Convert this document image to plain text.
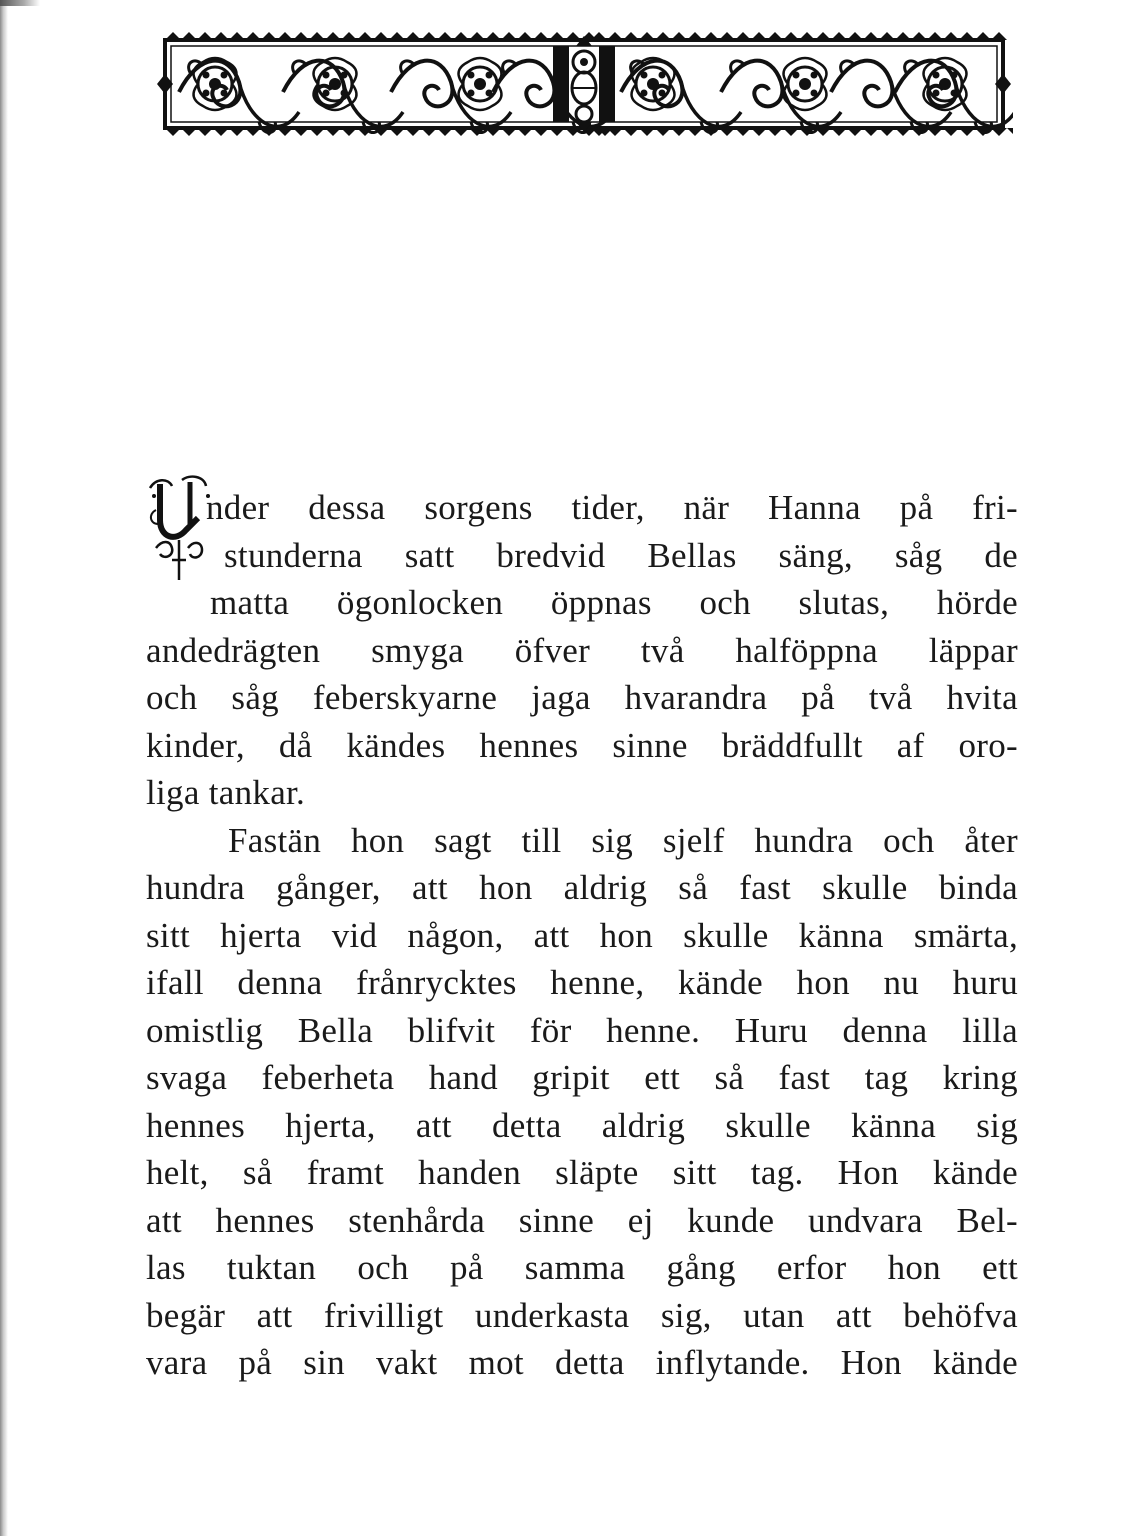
nder dessa sorgens tider, när Hanna på fri-
stunderna satt bredvid Bellas säng, såg de
matta ögonlocken öppnas och slutas, hörde
andedrägten smyga öfver två halföppna läppar
och såg feberskyarne jaga hvarandra på två hvita
kinder, då kändes hennes sinne bräddfullt af oro-
liga tankar.
Fastän hon sagt till sig sjelf hundra och åter
hundra gånger, att hon aldrig så fast skulle binda
sitt hjerta vid någon, att hon skulle känna smärta,
ifall denna frånrycktes henne, kände hon nu huru
omistlig Bella blifvit för henne. Huru denna lilla
svaga feberheta hand gripit ett så fast tag kring
hennes hjerta, att detta aldrig skulle känna sig
helt, så framt handen släpte sitt tag. Hon kände
att hennes stenhårda sinne ej kunde undvara Bel-
las tuktan och på samma gång erfor hon ett
begär att frivilligt underkasta sig, utan att behöfva
vara på sin vakt mot detta inflytande. Hon kände
